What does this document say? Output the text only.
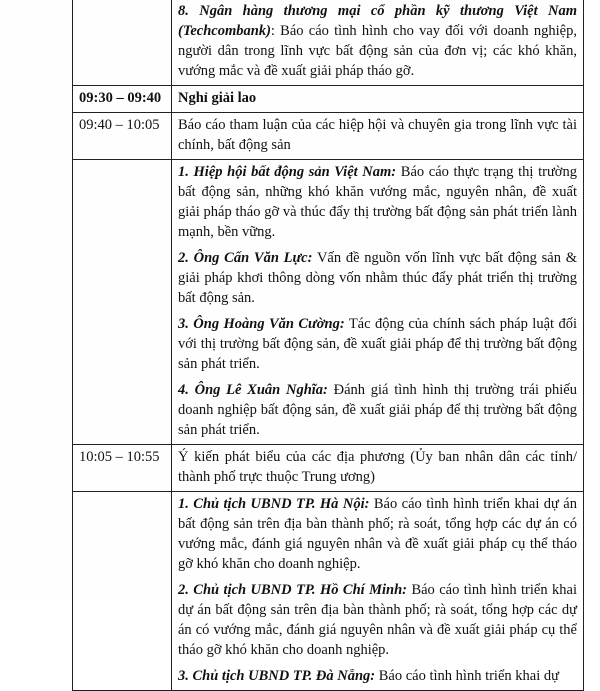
	8. Ngân hàng thương mại cổ phần kỹ thương Việt Nam (Techcombank): Báo cáo tình hình cho vay đối với doanh nghiệp, người dân trong lĩnh vực bất động sản của đơn vị; các khó khăn, vướng mắc và đề xuất giải pháp tháo gỡ.

09:30 – 09:40	Nghỉ giải lao
09:40 – 10:05	Báo cáo tham luận của các hiệp hội và chuyên gia trong lĩnh vực tài chính, bất động sản

	1. Hiệp hội bất động sản Việt Nam: Báo cáo thực trạng thị trường bất động sản, những khó khăn vướng mắc, nguyên nhân, đề xuất giải pháp tháo gỡ và thúc đẩy thị trường bất động sản phát triển lành mạnh, bền vững.

2. Ông Cấn Văn Lực: Vấn đề nguồn vốn lĩnh vực bất động sản & giải pháp khơi thông dòng vốn nhằm thúc đẩy phát triển thị trường bất động sản.

3. Ông Hoàng Văn Cường: Tác động của chính sách pháp luật đối với thị trường bất động sản, đề xuất giải pháp để thị trường bất động sản phát triển.

4. Ông Lê Xuân Nghĩa: Đánh giá tình hình thị trường trái phiếu doanh nghiệp bất động sản, đề xuất giải pháp để thị trường bất động sản phát triển.

10:05 – 10:55	Ý kiến phát biểu của các địa phương (Ủy ban nhân dân các tỉnh/ thành phố trực thuộc Trung ương)

	1. Chủ tịch UBND TP. Hà Nội: Báo cáo tình hình triển khai dự án bất động sản trên địa bàn thành phố; rà soát, tổng hợp các dự án có vướng mắc, đánh giá nguyên nhân và đề xuất giải pháp cụ thể tháo gỡ khó khăn cho doanh nghiệp.

2. Chủ tịch UBND TP. Hồ Chí Minh: Báo cáo tình hình triển khai dự án bất động sản trên địa bàn thành phố; rà soát, tổng hợp các dự án có vướng mắc, đánh giá nguyên nhân và đề xuất giải pháp cụ thể tháo gỡ khó khăn cho doanh nghiệp.

3. Chủ tịch UBND TP. Đà Nẵng: Báo cáo tình hình triển khai dự
